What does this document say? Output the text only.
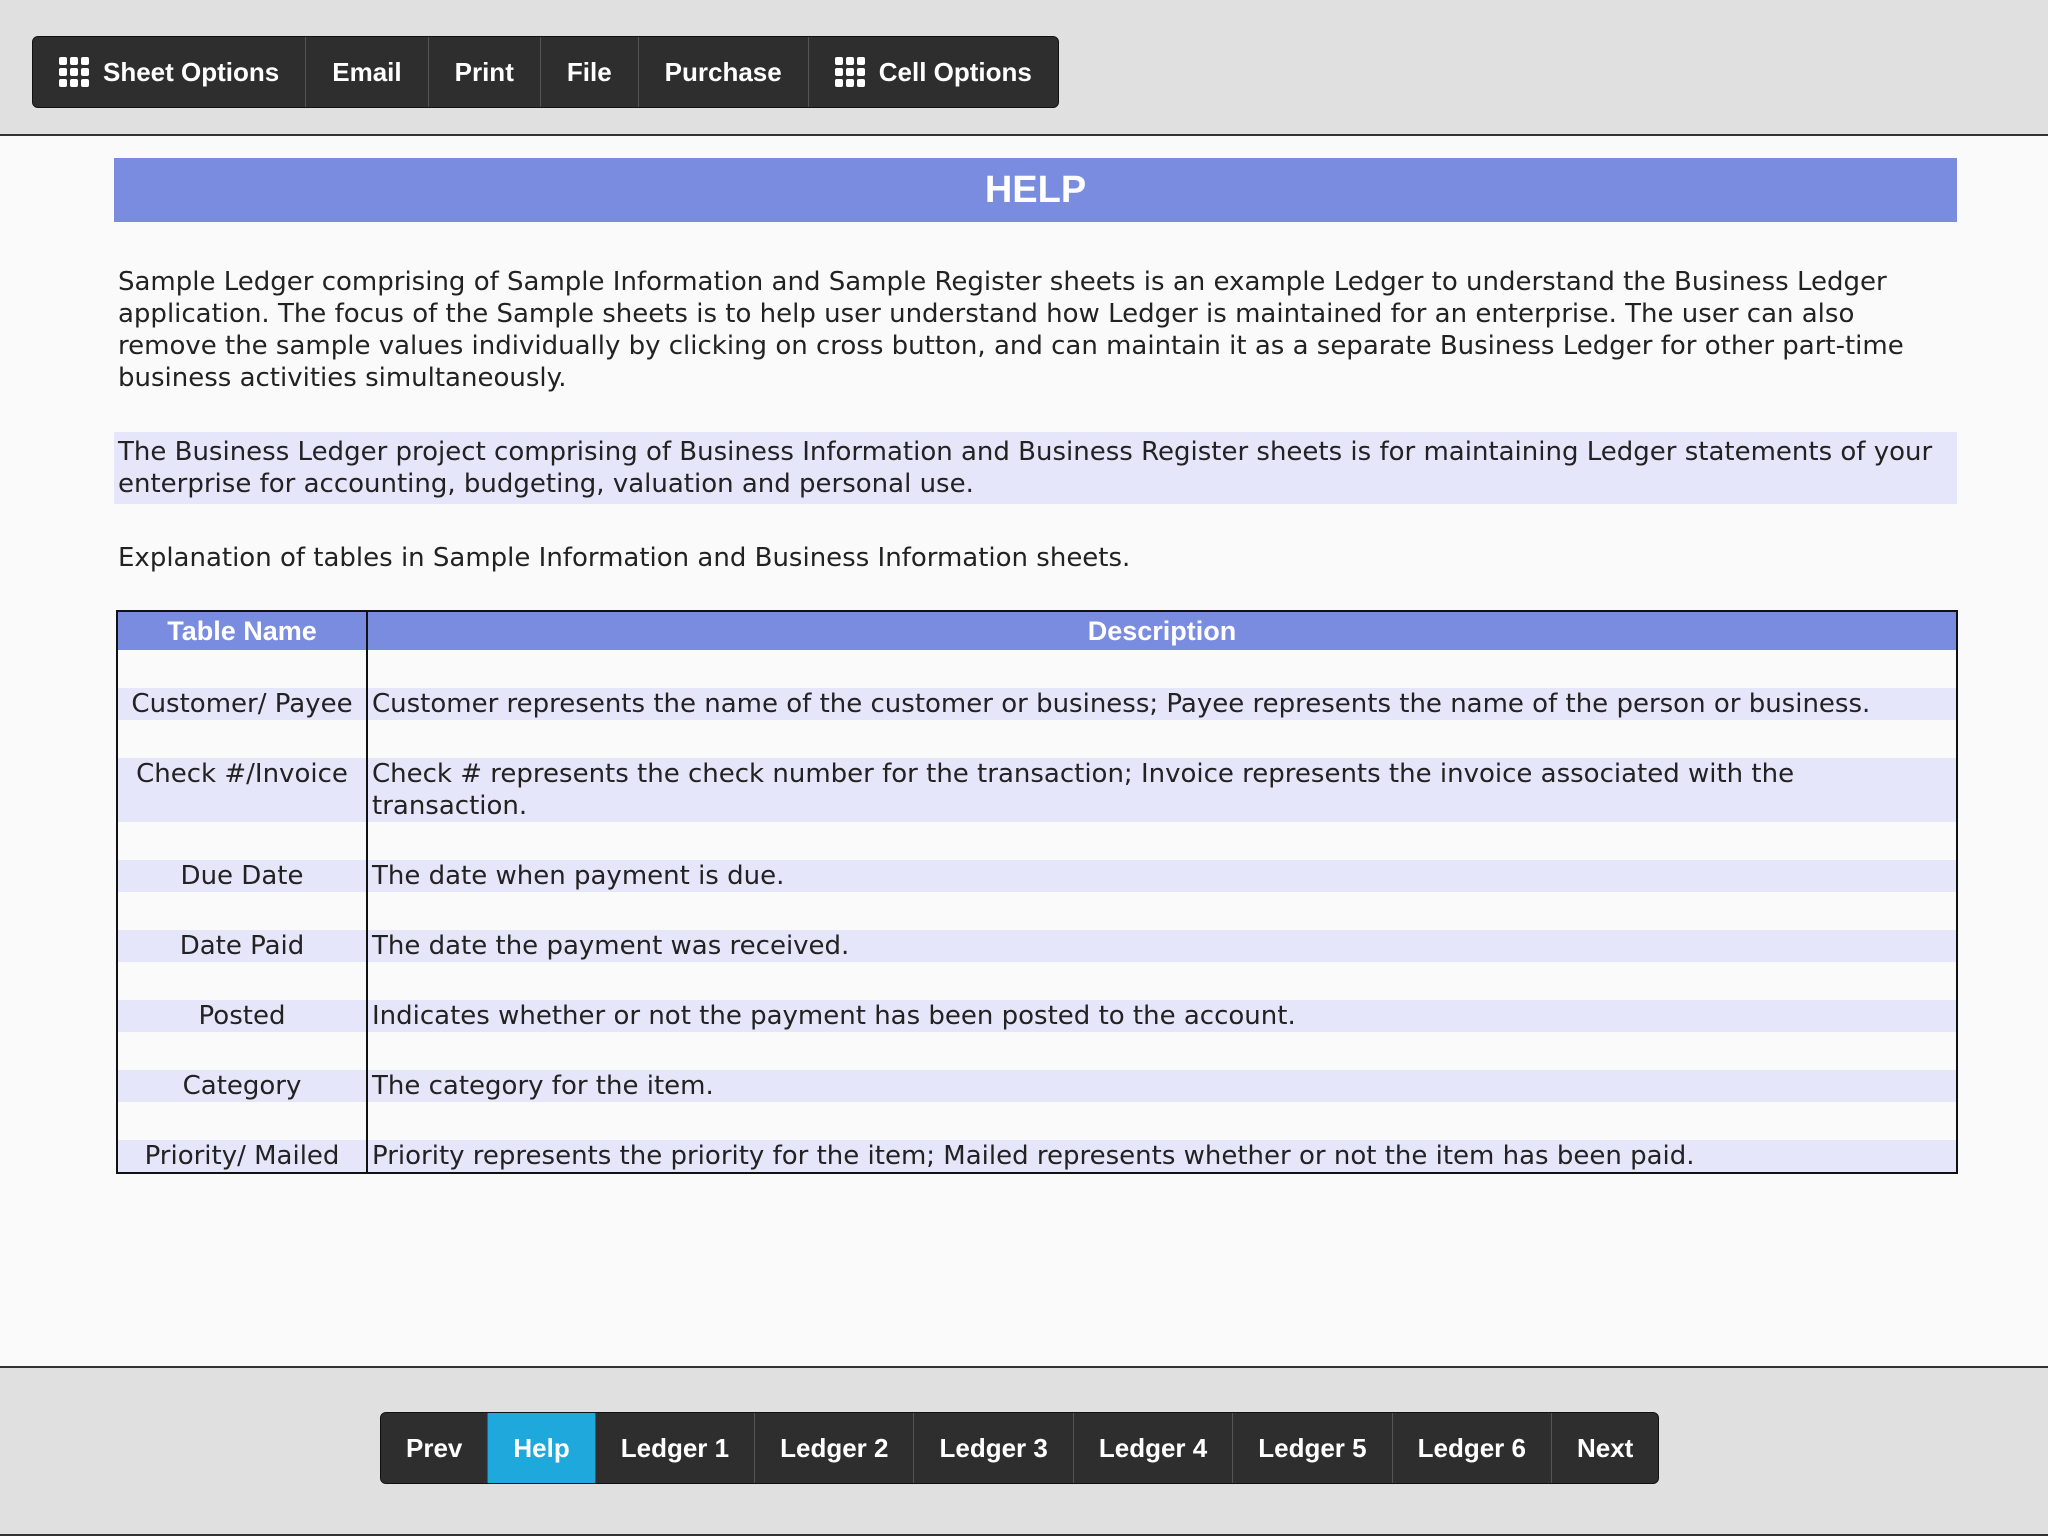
Sheet Options Email Print File Purchase	Cell Options
HELP
Sample Ledger comprising of Sample Information and Sample Register sheets is an example Ledger to understand the Business Ledger application. The focus of the Sample sheets is to help user understand how Ledger is maintained for an enterprise. The user can also remove the sample values individually by clicking on cross button, and can maintain it as a separate Business Ledger for other part-time business activities simultaneously.
The Business Ledger project comprising of Business Information and Business Register sheets is for maintaining Ledger statements of your enterprise for accounting, budgeting, valuation and personal use.
Explanation of tables in Sample Information and Business Information sheets.
Table Name	Description

Customer/ Payee	Customer represents the name of the customer or business; Payee represents the name of the person or business.

Check #/Invoice	Check # represents the check number for the transaction; Invoice represents the invoice associated with the transaction.

Due Date	The date when payment is due.

Date Paid	The date the payment was received.

Posted	Indicates whether or not the payment has been posted to the account.

Category	The category for the item.

Priority/ Mailed	Priority represents the priority for the item; Mailed represents whether or not the item has been paid.
Prev	Help	Ledger 1	Ledger 2	Ledger 3	Ledger 4	Ledger 5	Ledger 6	Next
